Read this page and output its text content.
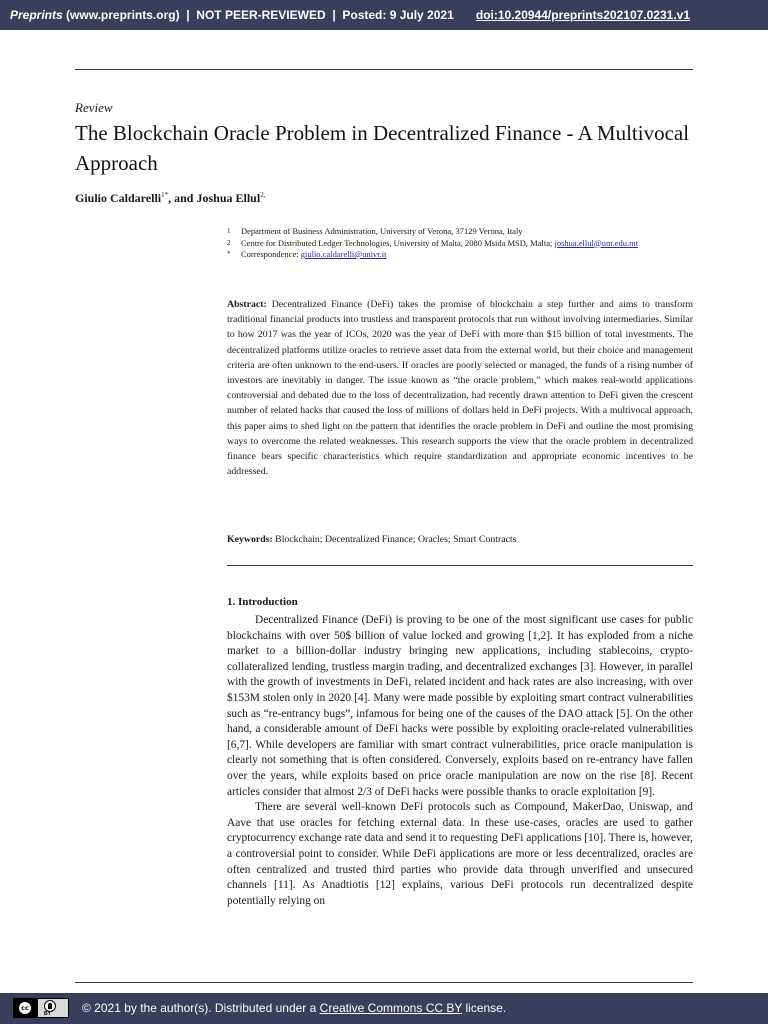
Preprints (www.preprints.org) | NOT PEER-REVIEWED | Posted: 9 July 2021 doi:10.20944/preprints202107.0231.v1
Review
The Blockchain Oracle Problem in Decentralized Finance - A Multivocal Approach
Giulio Caldarelli$^{1*}$, and Joshua Ellul$^{2,}$
1 Department of Business Administration, University of Verona, 37129 Verona, Italy
2 Centre for Distributed Ledger Technologies, University of Malta, 2080 Msida MSD, Malta; joshua.ellul@um.edu.mt
* Correspondence: giulio.caldarelli@univr.it
Abstract: Decentralized Finance (DeFi) takes the promise of blockchain a step further and aims to transform traditional financial products into trustless and transparent protocols that run without involving intermediaries. Similar to how 2017 was the year of ICOs, 2020 was the year of DeFi with more than $15 billion of total investments. The decentralized platforms utilize oracles to retrieve asset data from the external world, but their choice and management criteria are often unknown to the end-users. If oracles are poorly selected or managed, the funds of a rising number of investors are inevitably in danger. The issue known as “the oracle problem,” which makes real-world applications controversial and debated due to the loss of decentralization, had recently drawn attention to DeFi given the crescent number of related hacks that caused the loss of millions of dollars held in DeFi projects. With a multivocal approach, this paper aims to shed light on the pattern that identifies the oracle problem in DeFi and outline the most promising ways to overcome the related weaknesses. This research supports the view that the oracle problem in decentralized finance bears specific characteristics which require standardization and appropriate economic incentives to be addressed.
Keywords: Blockchain; Decentralized Finance; Oracles; Smart Contracts
1. Introduction

Decentralized Finance (DeFi) is proving to be one of the most significant use cases for public blockchains with over 50$ billion of value locked and growing [1,2]. It has exploded from a niche market to a billion-dollar industry bringing new applications, including stablecoins, crypto-collateralized lending, trustless margin trading, and decentralized exchanges [3]. However, in parallel with the growth of investments in DeFi, related incident and hack rates are also increasing, with over $153M stolen only in 2020 [4]. Many were made possible by exploiting smart contract vulnerabilities such as “re-entrancy bugs”, infamous for being one of the causes of the DAO attack [5]. On the other hand, a considerable amount of DeFi hacks were possible by exploiting oracle-related vulnerabilities [6,7]. While developers are familiar with smart contract vulnerabilities, price oracle manipulation is clearly not something that is often considered. Conversely, exploits based on re-entrancy have fallen over the years, while exploits based on price oracle manipulation are now on the rise [8]. Recent articles consider that almost 2/3 of DeFi hacks were possible thanks to oracle exploitation [9].

There are several well-known DeFi protocols such as Compound, MakerDao, Uniswap, and Aave that use oracles for fetching external data. In these use-cases, oracles are used to gather cryptocurrency exchange rate data and send it to requesting DeFi applications [10]. There is, however, a controversial point to consider. While DeFi applications are more or less decentralized, oracles are often centralized and trusted third parties who provide data through unverified and unsecured channels [11]. As Anadtiotis [12] explains, various DeFi protocols run decentralized despite potentially relying on

cc
BY	© 2021 by the author(s). Distributed under a Creative Commons CC BY license.
